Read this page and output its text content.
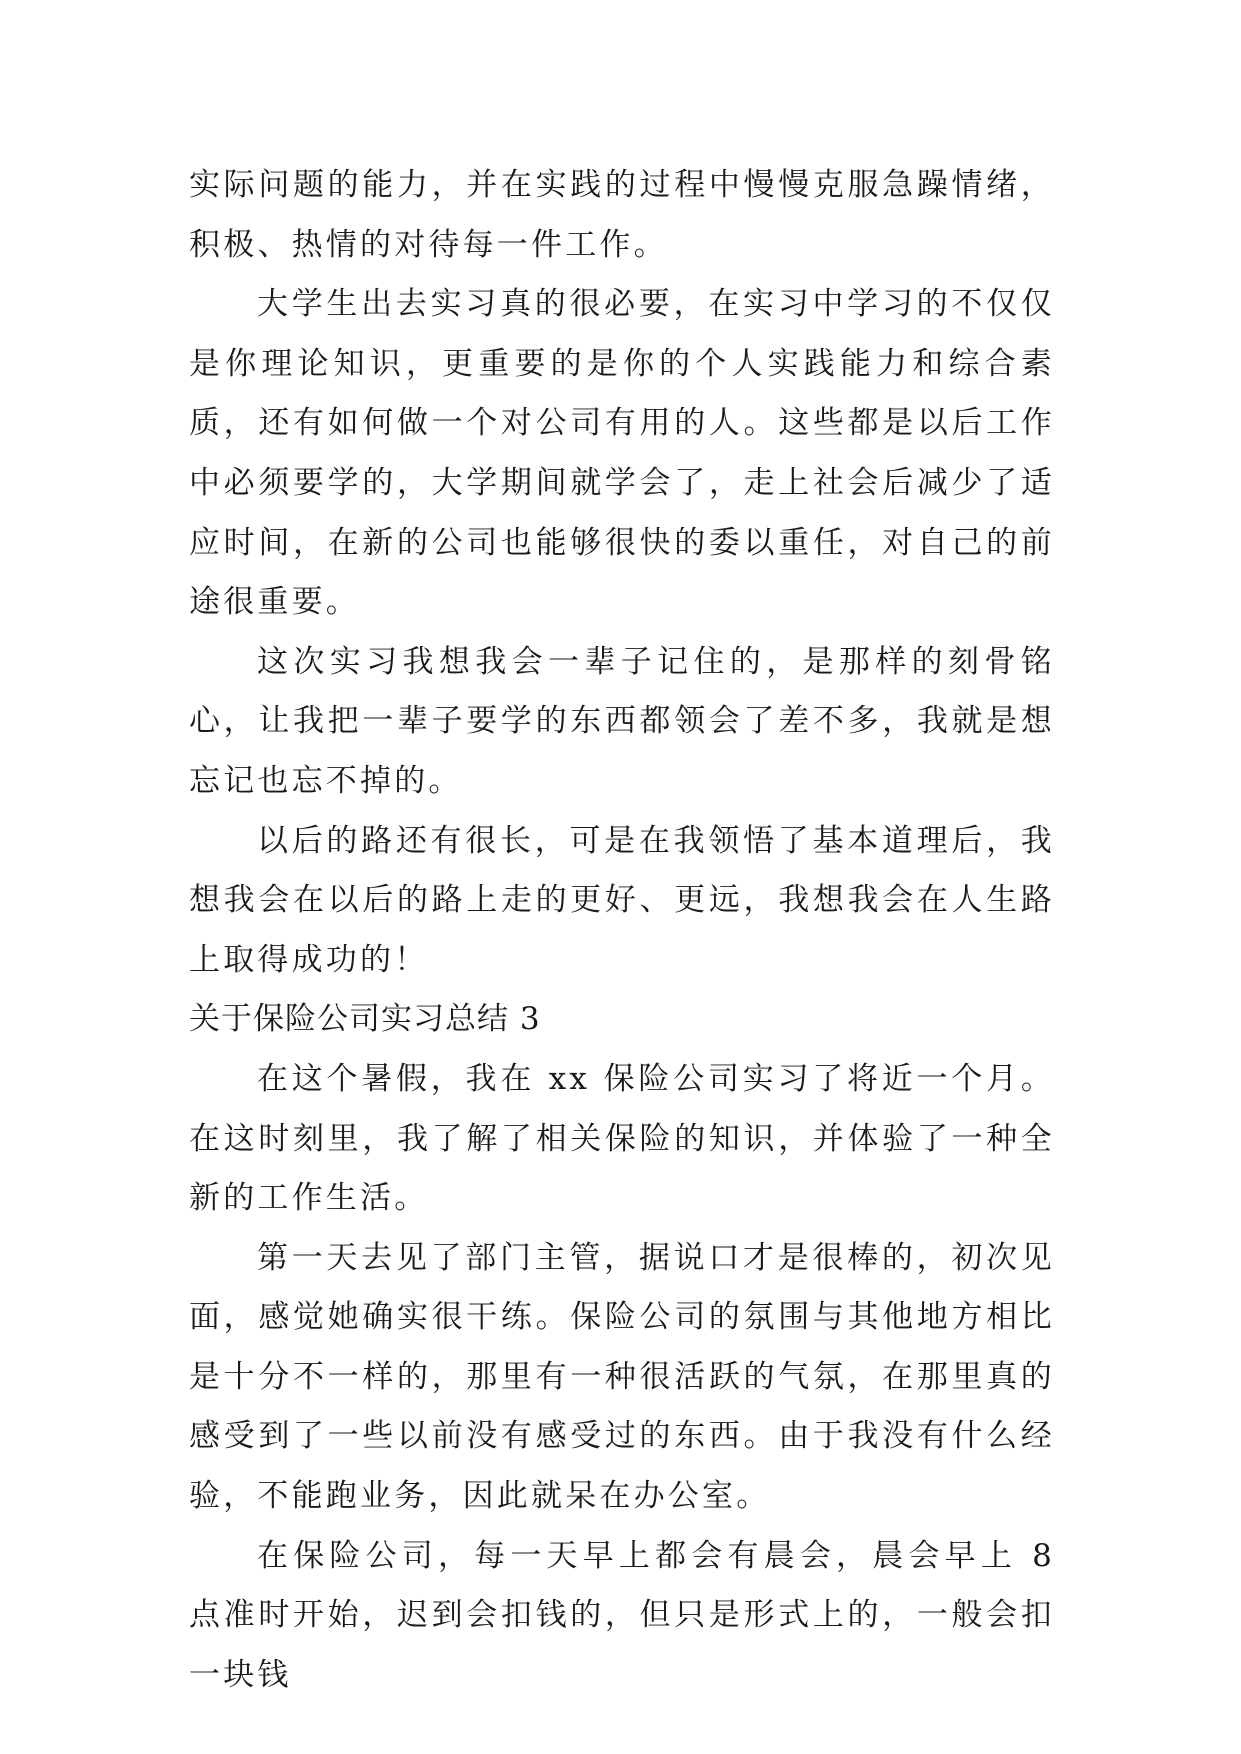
实际问题的能力，并在实践的过程中慢慢克服急躁情绪，积极、热情的对待每一件工作。

大学生出去实习真的很必要，在实习中学习的不仅仅是你理论知识，更重要的是你的个人实践能力和综合素质，还有如何做一个对公司有用的人。这些都是以后工作中必须要学的，大学期间就学会了，走上社会后减少了适应时间，在新的公司也能够很快的委以重任，对自己的前途很重要。

这次实习我想我会一辈子记住的，是那样的刻骨铭心，让我把一辈子要学的东西都领会了差不多，我就是想忘记也忘不掉的。

以后的路还有很长，可是在我领悟了基本道理后，我想我会在以后的路上走的更好、更远，我想我会在人生路上取得成功的！

关于保险公司实习总结 3

在这个暑假，我在 xx 保险公司实习了将近一个月。在这时刻里，我了解了相关保险的知识，并体验了一种全新的工作生活。

第一天去见了部门主管，据说口才是很棒的，初次见面，感觉她确实很干练。保险公司的氛围与其他地方相比是十分不一样的，那里有一种很活跃的气氛，在那里真的感受到了一些以前没有感受过的东西。由于我没有什么经验，不能跑业务，因此就呆在办公室。

在保险公司，每一天早上都会有晨会，晨会早上 8 点准时开始，迟到会扣钱的，但只是形式上的，一般会扣一块钱
